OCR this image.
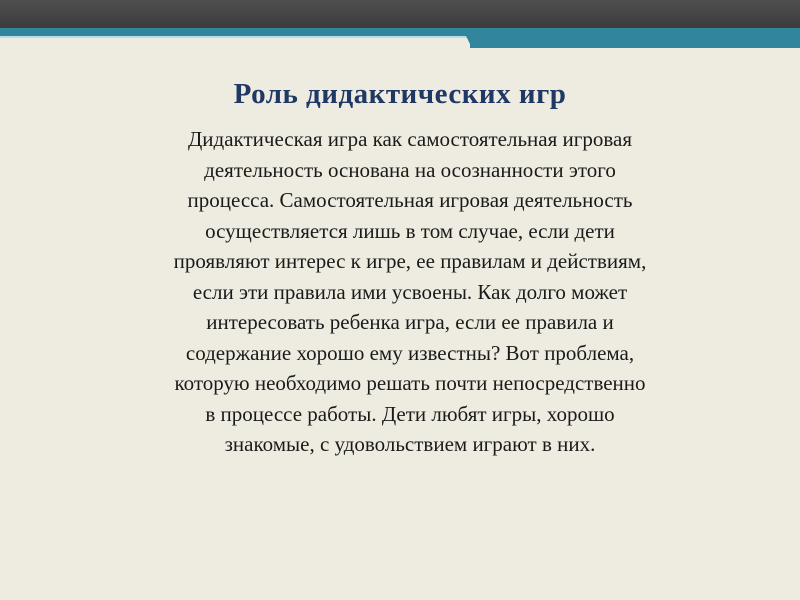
Роль дидактических игр
Дидактическая игра как самостоятельная игровая
деятельность основана на осознанности этого
процесса. Самостоятельная игровая деятельность
осуществляется лишь в том случае, если дети
проявляют интерес к игре, ее правилам и действиям,
если эти правила ими усвоены. Как долго может
интересовать ребенка игра, если ее правила и
содержание хорошо ему известны? Вот проблема,
которую необходимо решать почти непосредственно
в процессе работы. Дети любят игры, хорошо
знакомые, с удовольствием играют в них.
